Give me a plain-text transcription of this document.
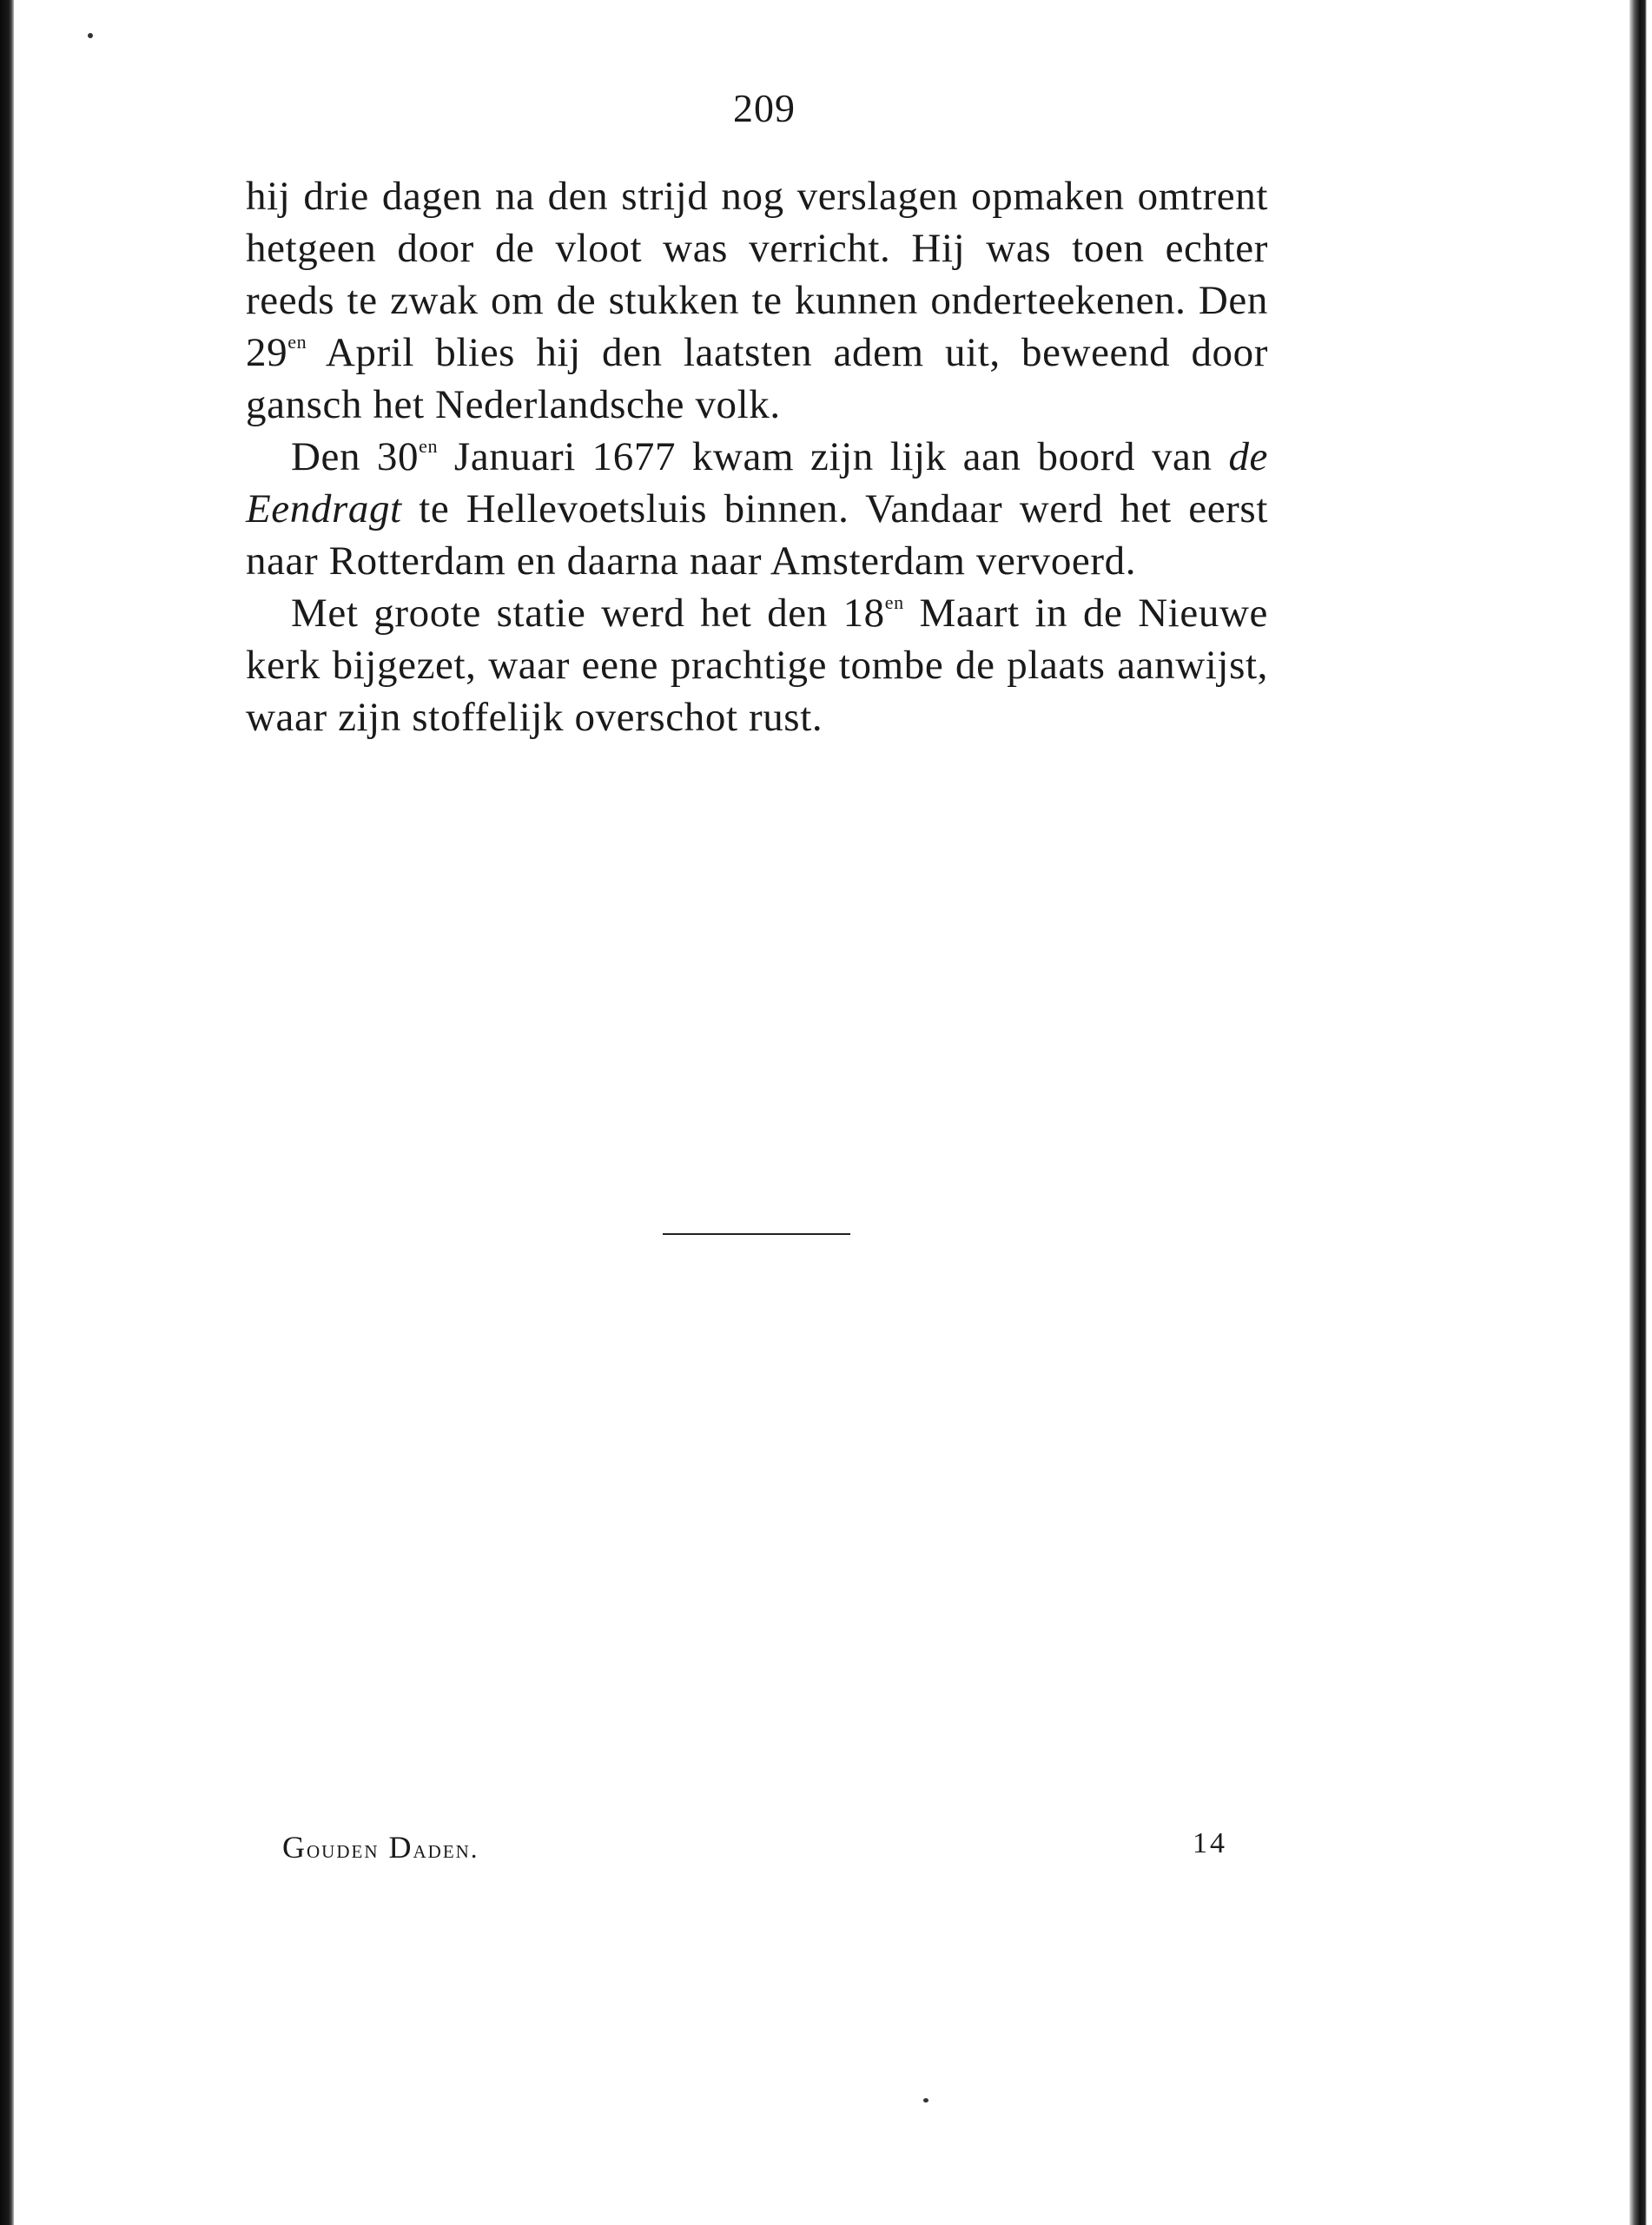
209

hij drie dagen na den strijd nog verslagen opmaken omtrent hetgeen door de vloot was verricht. Hij was toen echter reeds te zwak om de stukken te kunnen onderteekenen. Den $29^{en}$ April blies hij den laatsten adem uit, beweend door gansch het Nederlandsche volk.

Den $30^{en}$ Januari 1677 kwam zijn lijk aan boord van de Eendragt te Hellevoetsluis binnen. Vandaar werd het eerst naar Rotterdam en daarna naar Amsterdam vervoerd.

Met groote statie werd het den $18^{en}$ Maart in de Nieuwe kerk bijgezet, waar eene prachtige tombe de plaats aanwijst, waar zijn stoffelijk overschot rust.

Gouden Daden.	14
